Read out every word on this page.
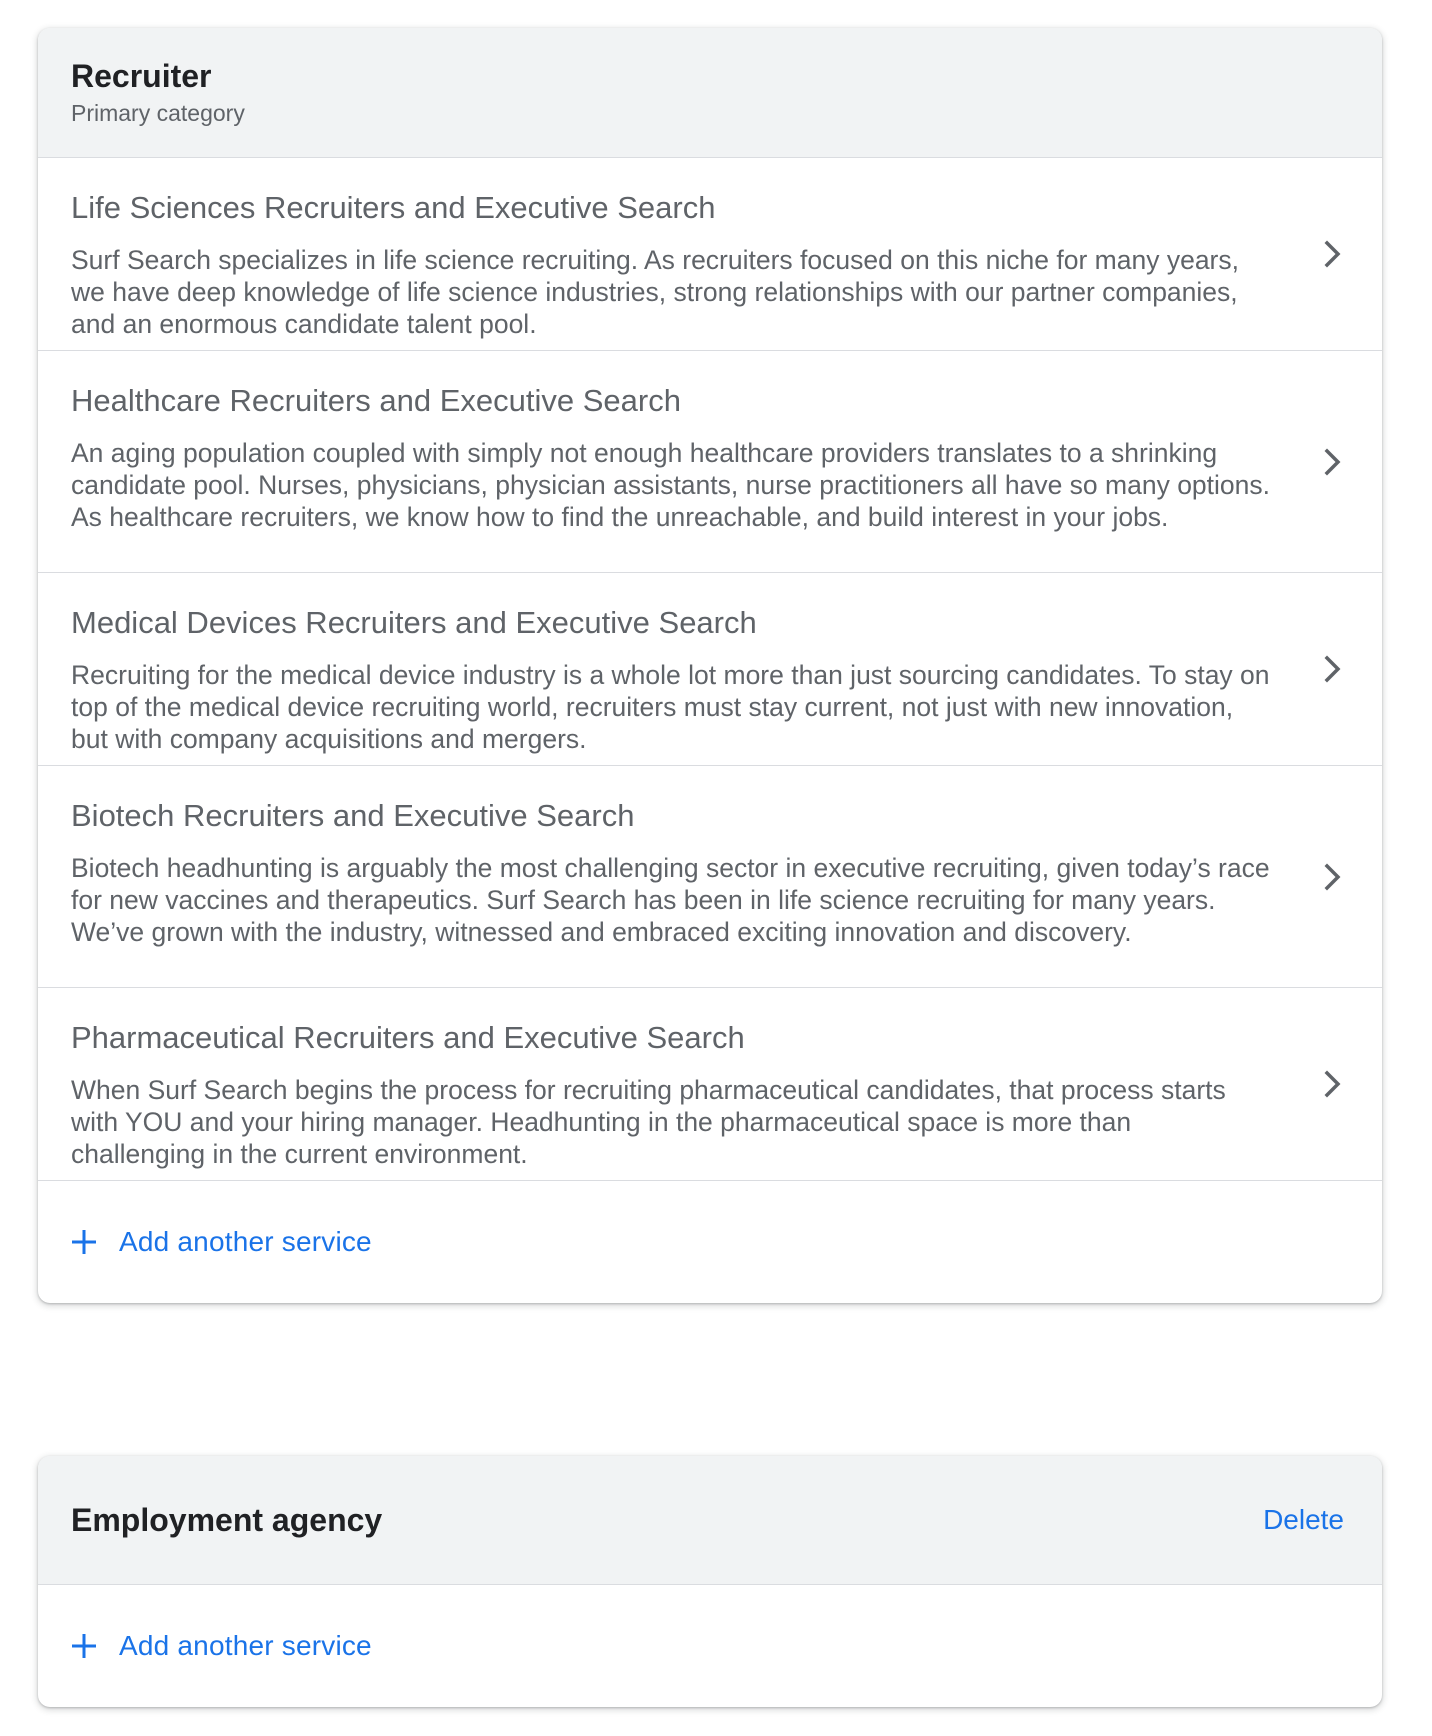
Recruiter
Primary category
Life Sciences Recruiters and Executive Search
Surf Search specializes in life science recruiting. As recruiters focused on this niche for many years, we have deep knowledge of life science industries, strong relationships with our partner companies, and an enormous candidate talent pool.
Healthcare Recruiters and Executive Search
An aging population coupled with simply not enough healthcare providers translates to a shrinking candidate pool. Nurses, physicians, physician assistants, nurse practitioners all have so many options. As healthcare recruiters, we know how to find the unreachable, and build interest in your jobs.
Medical Devices Recruiters and Executive Search
Recruiting for the medical device industry is a whole lot more than just sourcing candidates. To stay on top of the medical device recruiting world, recruiters must stay current, not just with new innovation, but with company acquisitions and mergers.
Biotech Recruiters and Executive Search
Biotech headhunting is arguably the most challenging sector in executive recruiting, given today’s race for new vaccines and therapeutics. Surf Search has been in life science recruiting for many years. We’ve grown with the industry, witnessed and embraced exciting innovation and discovery.
Pharmaceutical Recruiters and Executive Search
When Surf Search begins the process for recruiting pharmaceutical candidates, that process starts with YOU and your hiring manager. Headhunting in the pharmaceutical space is more than challenging in the current environment.
Add another service
Employment agency	Delete
Add another service
